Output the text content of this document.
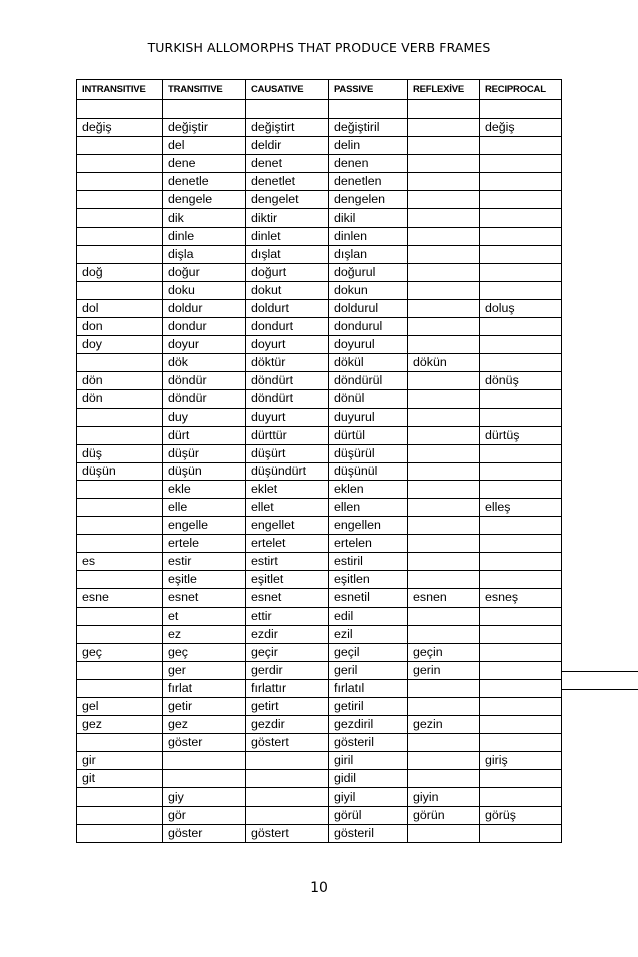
TURKISH ALLOMORPHS THAT PRODUCE VERB FRAMES
INTRANSITIVE	TRANSITIVE	CAUSATIVE	PASSIVE	REFLEXİVE	RECIPROCAL

değiş	değiştir	değiştirt	değiştiril		değiş
	del	deldir	delin		
	dene	denet	denen		
	denetle	denetlet	denetlen		
	dengele	dengelet	dengelen		
	dik	diktir	dikil		
	dinle	dinlet	dinlen		
	dişla	dışlat	dışlan		
doğ	doğur	doğurt	doğurul		
	doku	dokut	dokun		
dol	doldur	doldurt	doldurul		doluş
don	dondur	dondurt	dondurul		
doy	doyur	doyurt	doyurul		
	dök	döktür	dökül	dökün	
dön	döndür	döndürt	döndürül		dönüş
dön	döndür	döndürt	dönül		
	duy	duyurt	duyurul		
	dürt	dürttür	dürtül		dürtüş
düş	düşür	düşürt	düşürül		
düşün	düşün	düşündürt	düşünül		
	ekle	eklet	eklen		
	elle	ellet	ellen		elleş
	engelle	engellet	engellen		
	ertele	ertelet	ertelen		
es	estir	estirt	estiril		
	eşitle	eşitlet	eşitlen		
esne	esnet	esnet	esnetil	esnen	esneş
	et	ettir	edil		
	ez	ezdir	ezil		
geç	geç	geçir	geçil	geçin	
	ger	gerdir	geril	gerin	
	fırlat	fırlattır	fırlatıl		
gel	getir	getirt	getiril		
gez	gez	gezdir	gezdiril	gezin	
	göster	göstert	gösteril		
gir			giril		giriş
git			gidil		
	giy		giyil	giyin	
	gör		görül	görün	görüş
	göster	göstert	gösteril		
10
